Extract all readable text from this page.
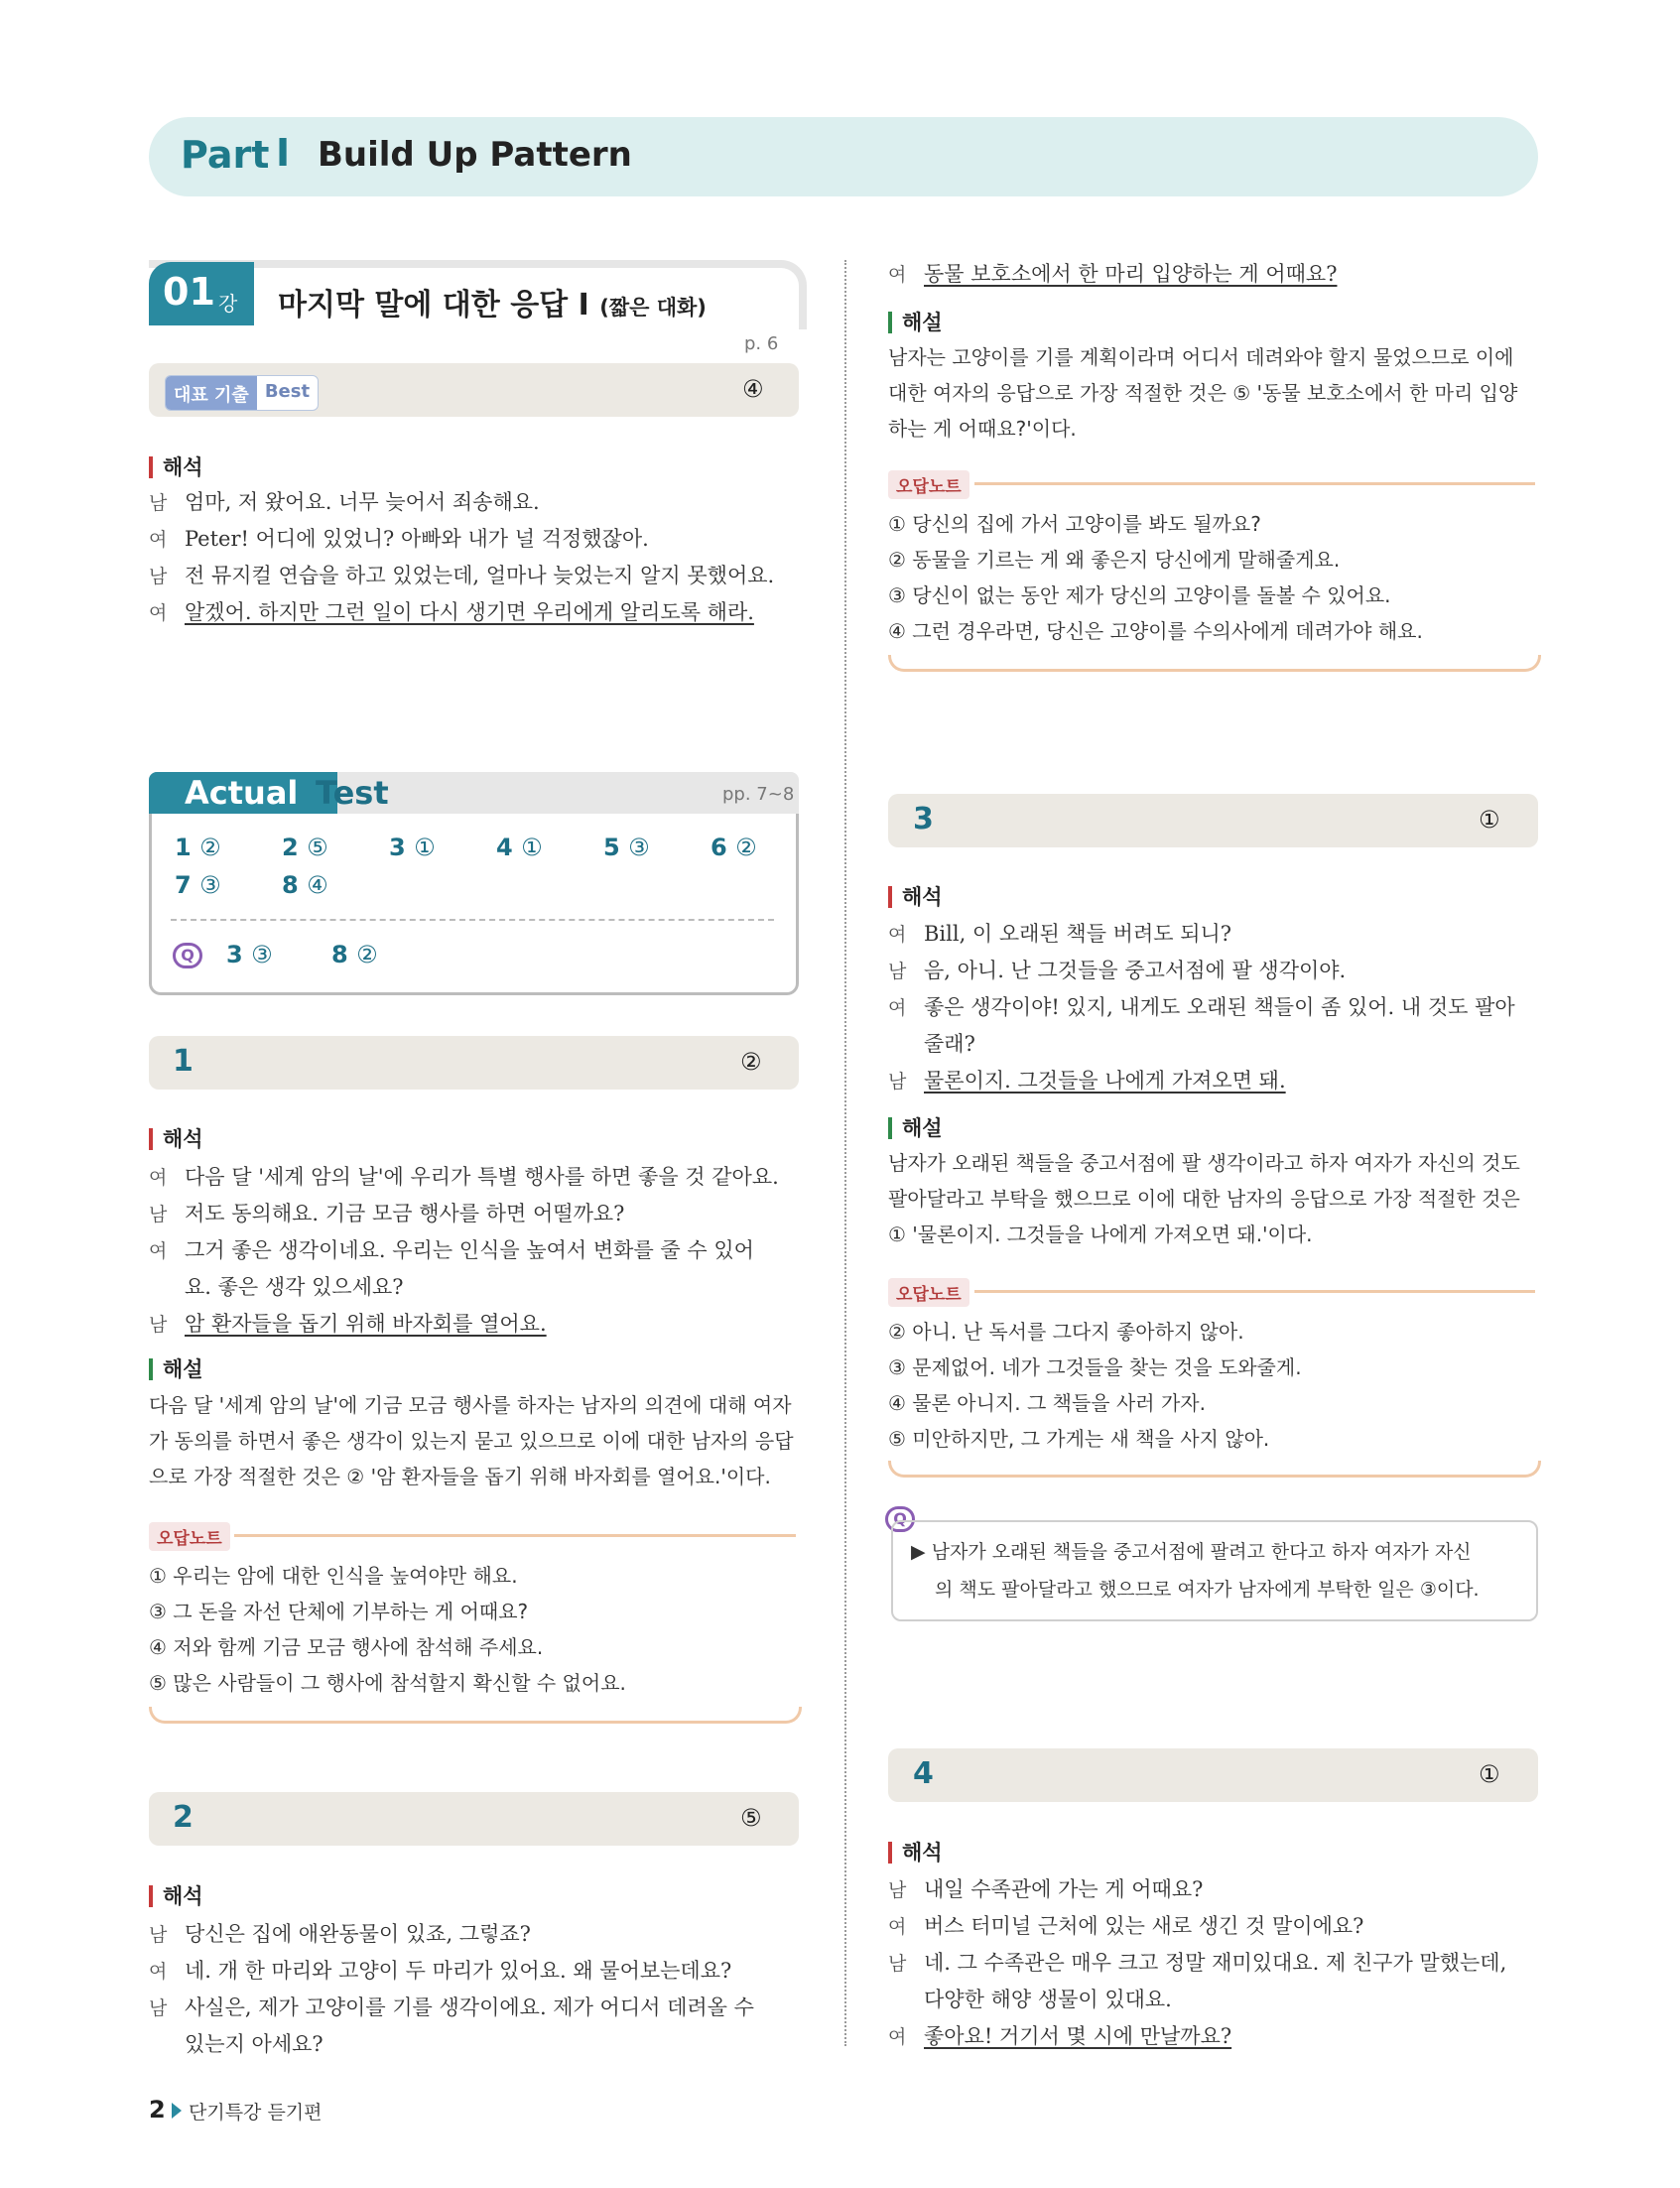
Part Ⅰ Build Up Pattern
01 강 마지막 말에 대한 응답 Ⅰ (짧은 대화)
p. 6
대표 기출 Best	④
해석
남 엄마, 저 왔어요. 너무 늦어서 죄송해요.
여 Peter! 어디에 있었니? 아빠와 내가 널 걱정했잖아.
남 전 뮤지컬 연습을 하고 있었는데, 얼마나 늦었는지 알지 못했어요.
여 알겠어. 하지만 그런 일이 다시 생기면 우리에게 알리도록 해라.
Actual Test	pp. 7~8
1 ②	2 ⑤	3 ①	4 ①	5 ③	6 ②
7 ③	8 ④
Q	3 ③ 8 ②
1	②
해석
여 다음 달 '세계 암의 날'에 우리가 특별 행사를 하면 좋을 것 같아요.
남 저도 동의해요. 기금 모금 행사를 하면 어떨까요?
여 그거 좋은 생각이네요. 우리는 인식을 높여서 변화를 줄 수 있어
요. 좋은 생각 있으세요?
남 암 환자들을 돕기 위해 바자회를 열어요.
해설
다음 달 '세계 암의 날'에 기금 모금 행사를 하자는 남자의 의견에 대해 여자
가 동의를 하면서 좋은 생각이 있는지 묻고 있으므로 이에 대한 남자의 응답
으로 가장 적절한 것은 ② '암 환자들을 돕기 위해 바자회를 열어요.'이다.
오답노트
① 우리는 암에 대한 인식을 높여야만 해요.
③ 그 돈을 자선 단체에 기부하는 게 어때요?
④ 저와 함께 기금 모금 행사에 참석해 주세요.
⑤ 많은 사람들이 그 행사에 참석할지 확신할 수 없어요.
2	⑤
해석
남 당신은 집에 애완동물이 있죠, 그렇죠?
여 네. 개 한 마리와 고양이 두 마리가 있어요. 왜 물어보는데요?
남 사실은, 제가 고양이를 기를 생각이에요. 제가 어디서 데려올 수
있는지 아세요?
2 단기특강 듣기편
여 동물 보호소에서 한 마리 입양하는 게 어때요?
해설
남자는 고양이를 기를 계획이라며 어디서 데려와야 할지 물었으므로 이에
대한 여자의 응답으로 가장 적절한 것은 ⑤ '동물 보호소에서 한 마리 입양
하는 게 어때요?'이다.
오답노트
① 당신의 집에 가서 고양이를 봐도 될까요?
② 동물을 기르는 게 왜 좋은지 당신에게 말해줄게요.
③ 당신이 없는 동안 제가 당신의 고양이를 돌볼 수 있어요.
④ 그런 경우라면, 당신은 고양이를 수의사에게 데려가야 해요.
3	①
해석
여 Bill, 이 오래된 책들 버려도 되니?
남 음, 아니. 난 그것들을 중고서점에 팔 생각이야.
여 좋은 생각이야! 있지, 내게도 오래된 책들이 좀 있어. 내 것도 팔아
줄래?
남 물론이지. 그것들을 나에게 가져오면 돼.
해설
남자가 오래된 책들을 중고서점에 팔 생각이라고 하자 여자가 자신의 것도
팔아달라고 부탁을 했으므로 이에 대한 남자의 응답으로 가장 적절한 것은
① '물론이지. 그것들을 나에게 가져오면 돼.'이다.
오답노트
② 아니. 난 독서를 그다지 좋아하지 않아.
③ 문제없어. 네가 그것들을 찾는 것을 도와줄게.
④ 물론 아니지. 그 책들을 사러 가자.
⑤ 미안하지만, 그 가게는 새 책을 사지 않아.
Q
▶ 남자가 오래된 책들을 중고서점에 팔려고 한다고 하자 여자가 자신
의 책도 팔아달라고 했으므로 여자가 남자에게 부탁한 일은 ③이다.
4	①
해석
남 내일 수족관에 가는 게 어때요?
여 버스 터미널 근처에 있는 새로 생긴 것 말이에요?
남 네. 그 수족관은 매우 크고 정말 재미있대요. 제 친구가 말했는데,
다양한 해양 생물이 있대요.
여 좋아요! 거기서 몇 시에 만날까요?
